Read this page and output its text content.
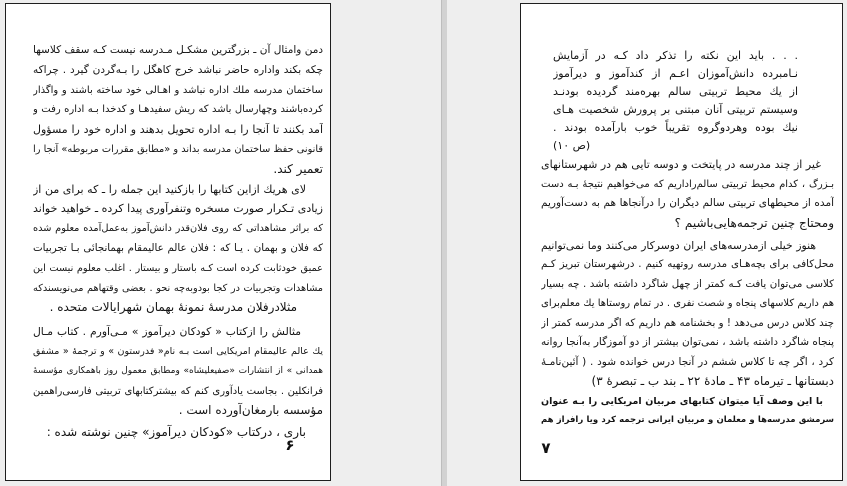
دمن وامثال آن ـ بزرگترین مشکـل مـدرسه نیست کـه سقف کلاسها
چکه بکند واداره حاضر نباشد خرج کاهگل را بـه‌گردن گیرد . چراکه
ساختمان مدرسه ملك اداره نباشد و اهـالی خود ساخته باشند و واگذار
کرده‌باشند وچهارسال باشد که ریش سفیدهـا و کدخدا بـه اداره رفت و
آمد بکنند تا آنجا را بـه اداره تحویل بدهند و اداره خود را مسؤول
قانونی حفظ ساختمان مدرسه بداند و «مطابق مقررات مربوطه» آنجا را
تعمیر کند.
لای هریك ازاین کتابها را بازکنید این جمله را ـ که برای من از
زیادی تـکرار صورت مسخره وتنفرآوری پیدا کرده ـ خواهید خواند
که براثر مشاهداتی که روی فلان‌قدر دانش‌آموز به‌عمل‌آمده معلوم شده
که فلان و بهمان . یـا که : فلان عالم عالیمقام بهمانجائی بـا تجربیات
عمیق خودثابت کرده است کـه باستار و بیستار . اغلب معلوم نیست این
مشاهدات وتجربیات در کجا بودوبه‌چه نحو . بعضی وقتهاهم می‌نویسندکه
مثلادرفلان مدرسهٔ نمونهٔ بهمان شهرایالات متحده .
مثالش را ازکتاب « کودکان دیرآموز » مـی‌آورم . کتاب مـال
یك عالم عالیمقام امریکایی است بـه نام« فدرستون » و ترجمهٔ « مشفق
همدانی » از انتشارات «صفیعلیشاه» ومطابق معمول روز باهمکاری مؤسسهٔ
فرانکلین . بجاست یادآوری کنم که بیشترکتابهای تربیتی فارسی‌راهمین
مؤسسه بارمغان‌آورده است .
باری ، درکتاب «کودکان دیرآموز» چنین نوشته شده :
۶
. . . باید این نکته را تذکر داد کـه در آزمایش
نـامبرده دانش‌آموزان اعـم از کندآموز و دیرآموز
از یك محیط تربیتی سالم بهره‌مند گردیده بودنـد
وسیستم تربیتی آنان مبتنی بر پرورش شخصیت هـای
نیك بوده وهردوگروه تقریباً خوب بارآمده بودند .
(ص ۱۰)
غیر از چند مدرسه در پایتخت و دوسه تایی هم در شهرستانهای
بـزرگ ، کدام محیط تربیتی سالم‌راداریم که می‌خواهیم نتیجهٔ بـه دست
آمده از محیطهای تربیتی سالم دیگران را درآنجاها هم به دست‌آوریم
ومحتاج چنین ترجمه‌هایی‌باشیم ؟
هنوز خیلی ازمدرسه‌های ایران دوسرکار می‌کنند وما نمی‌توانیم
محل‌کافی برای بچه‌هـای مدرسه روتهیه کنیم . درشهرستان تبریز کـم
کلاسی می‌توان یافت کـه کمتر از چهل شاگرد داشته باشد . چه بسیار
هم داریم کلاسهای پنجاه و شصت نفری . در تمام روستاها یك معلم‌برای
چند کلاس درس می‌دهد ! و بخشنامه هم داریم که اگر مدرسه کمتر از
پنجاه شاگرد داشته باشد ، نمی‌توان بیشتر از دو آموزگار به‌آنجا روانه
کرد ، اگر چه تا کلاس ششم در آنجا درس خوانده شود . ( آئین‌نامـهٔ
دبستانها ـ تیرماه ۴۳ ـ مادهٔ ۲۲ ـ بند ب ـ تبصرهٔ ۳)
با این وصف آیا میتوان کتابهای مربیان امریکایی را بـه عنوان
سرمشق مدرسه‌ها و معلمان و مربیان ایرانی ترجمه کرد ویا رافراز هم
۷
